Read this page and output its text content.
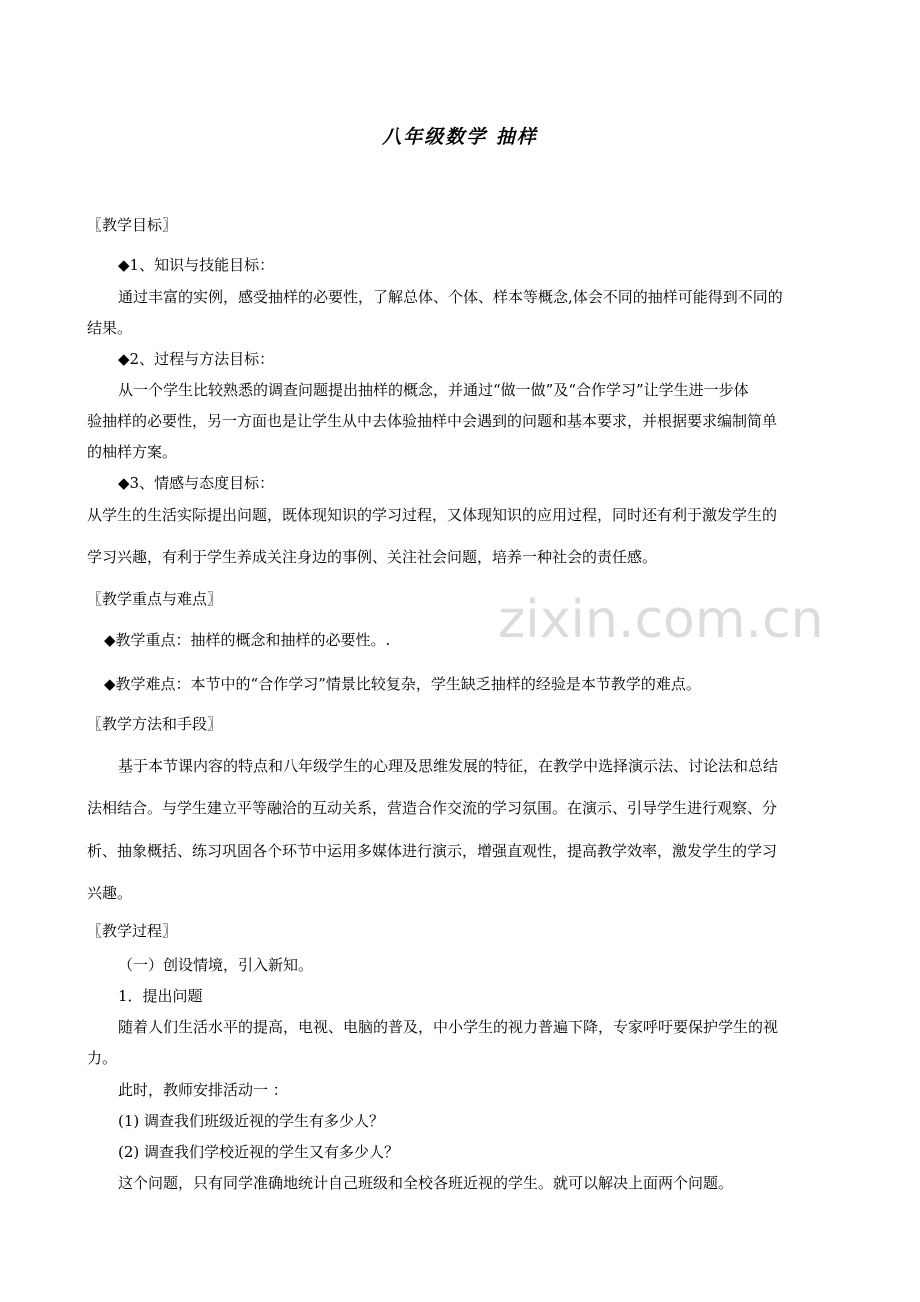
zixin.com.cn
八年级数学 抽样
〖教学目标〗
◆1、知识与技能目标：
通过丰富的实例，感受抽样的必要性，了解总体、个体、样本等概念,体会不同的抽样可能得到不同的
结果。
◆2、过程与方法目标：
从一个学生比较熟悉的调查问题提出抽样的概念，并通过“做一做”及“合作学习”让学生进一步体
验抽样的必要性，另一方面也是让学生从中去体验抽样中会遇到的问题和基本要求，并根据要求编制简单
的柚样方案。
◆3、情感与态度目标：
从学生的生活实际提出问题，既体现知识的学习过程，又体现知识的应用过程，同时还有利于激发学生的
学习兴趣，有利于学生养成关注身边的事例、关注社会问题，培养一种社会的责任感。
〖教学重点与难点〗
◆教学重点：抽样的概念和抽样的必要性。.
◆教学难点：本节中的“合作学习”情景比较复杂，学生缺乏抽样的经验是本节教学的难点。
〖教学方法和手段〗
基于本节课内容的特点和八年级学生的心理及思维发展的特征，在教学中选择演示法、讨论法和总结
法相结合。与学生建立平等融洽的互动关系，营造合作交流的学习氛围。在演示、引导学生进行观察、分
析、抽象概括、练习巩固各个环节中运用多媒体进行演示，增强直观性，提高教学效率，激发学生的学习
兴趣。
〖教学过程〗
（一）创设情境，引入新知。
1．提出问题
随着人们生活水平的提高，电视、电脑的普及，中小学生的视力普遍下降，专家呼吁要保护学生的视
力。
此时，教师安排活动一 ：
(1) 调查我们班级近视的学生有多少人？
(2) 调查我们学校近视的学生又有多少人？
这个问题，只有同学准确地统计自己班级和全校各班近视的学生。就可以解决上面两个问题。
